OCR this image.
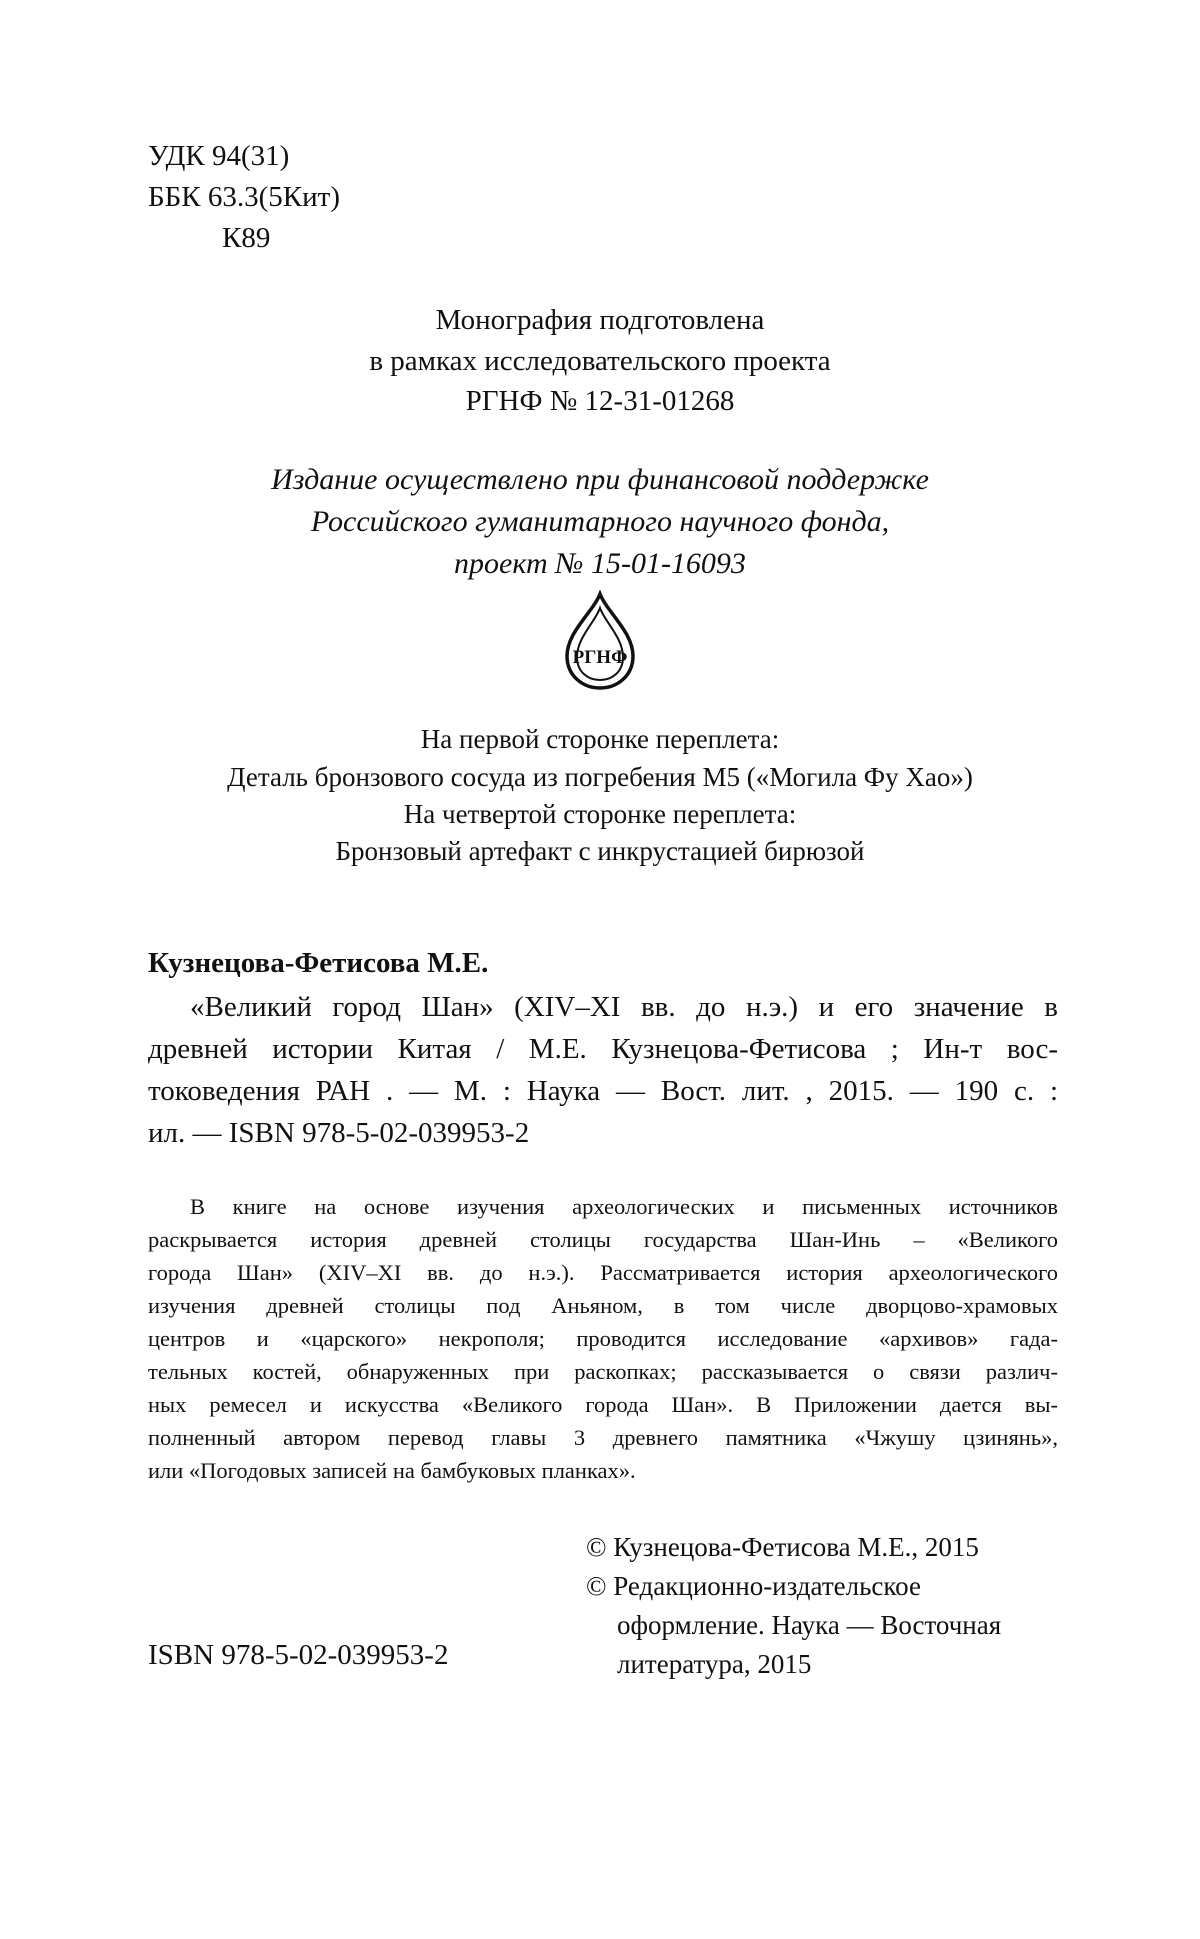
УДК 94(31)
ББК 63.3(5Кит)
К89
Монография подготовлена
в рамках исследовательского проекта
РГНФ № 12-31-01268
Издание осуществлено при финансовой поддержке
Российского гуманитарного научного фонда,
проект № 15-01-16093
РГНФ
На первой сторонке переплета:
Деталь бронзового сосуда из погребения М5 («Могила Фу Хао»)
На четвертой сторонке переплета:
Бронзовый артефакт с инкрустацией бирюзой
Кузнецова-Фетисова М.Е.
«Великий город Шан» (XIV–XI вв. до н.э.) и его значение в
древней истории Китая / М.Е. Кузнецова-Фетисова ; Ин-т вос-
токоведения РАН . — М. : Наука — Вост. лит. , 2015. — 190 с. :
ил. — ISBN 978-5-02-039953-2
В книге на основе изучения археологических и письменных источников
раскрывается история древней столицы государства Шан-Инь – «Великого
города Шан» (XIV–XI вв. до н.э.). Рассматривается история археологического
изучения древней столицы под Аньяном, в том числе дворцово-храмовых
центров и «царского» некрополя; проводится исследование «архивов» гада-
тельных костей, обнаруженных при раскопках; рассказывается о связи различ-
ных ремесел и искусства «Великого города Шан». В Приложении дается вы-
полненный автором перевод главы 3 древнего памятника «Чжушу цзинянь»,
или «Погодовых записей на бамбуковых планках».
© Кузнецова-Фетисова М.Е., 2015
© Редакционно-издательское
оформление. Наука — Восточная
литература, 2015
ISBN 978-5-02-039953-2
